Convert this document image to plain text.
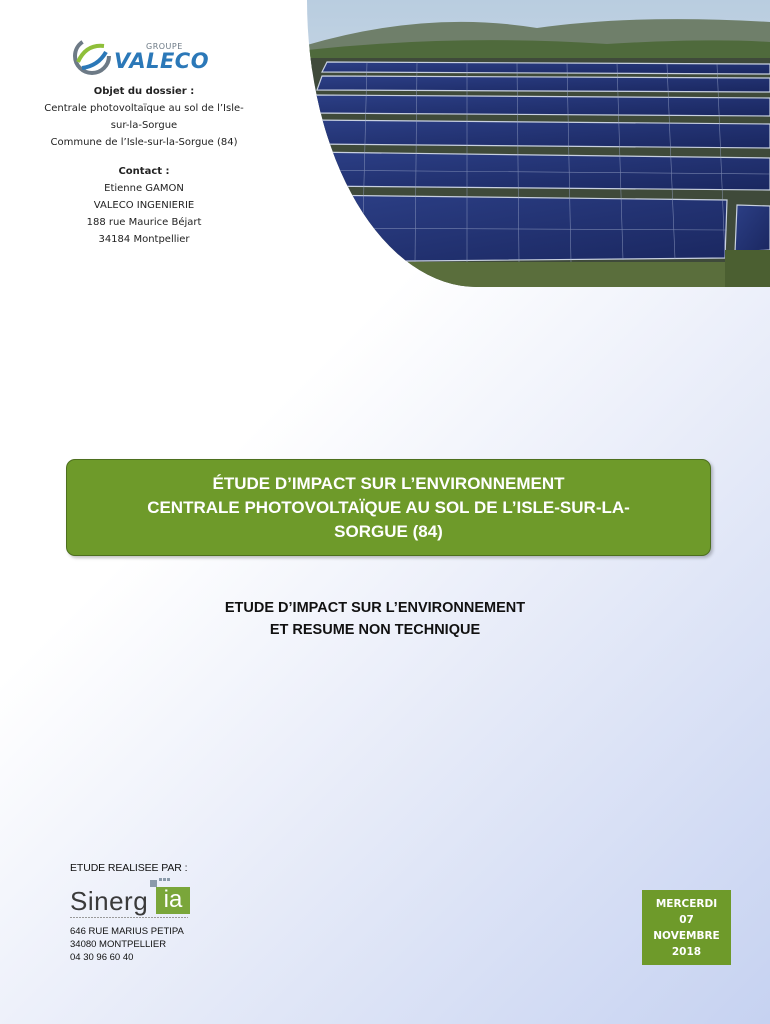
GROUPE
VALECO
Objet du dossier :
Centrale photovoltaïque au sol de l’Isle-
sur-la-Sorgue
Commune de l’Isle-sur-la-Sorgue (84)
Contact :
Etienne GAMON
VALECO INGENIERIE
188 rue Maurice Béjart
34184 Montpellier
ÉTUDE D’IMPACT SUR L’ENVIRONNEMENT
CENTRALE PHOTOVOLTAÏQUE AU SOL DE L’ISLE-SUR-LA-
SORGUE (84)
ETUDE D’IMPACT SUR L’ENVIRONNEMENT
ET RESUME NON TECHNIQUE
ETUDE REALISEE PAR :
Sinerg ia
646 RUE MARIUS PETIPA
34080 MONTPELLIER
04 30 96 60 40
MERCERDI
07
NOVEMBRE
2018
